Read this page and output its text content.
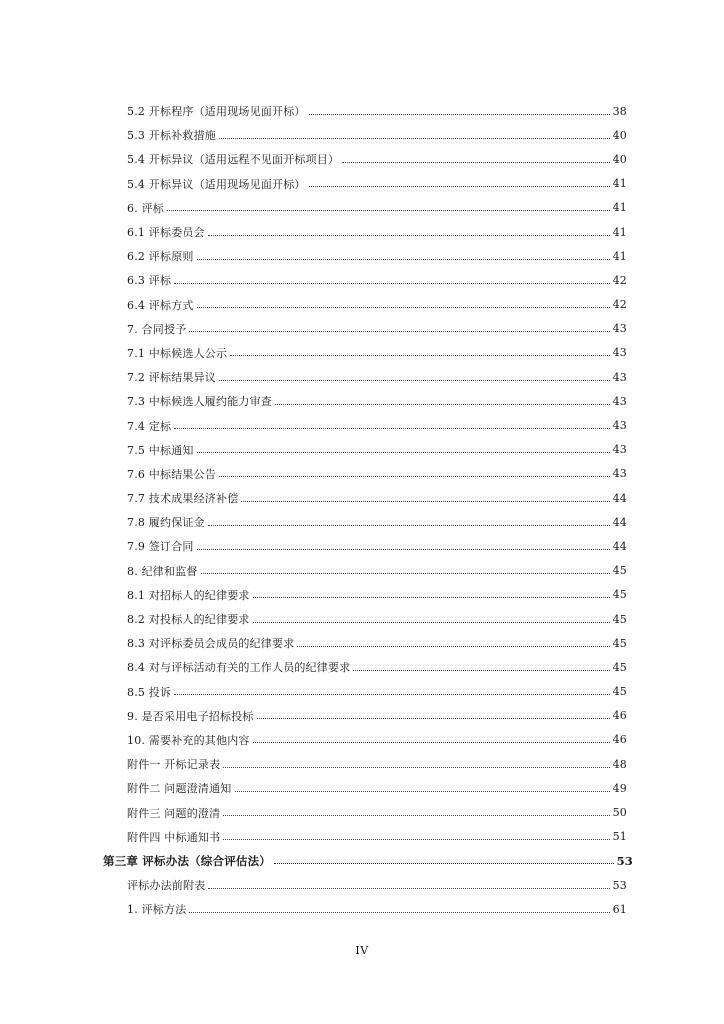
5.2 开标程序（适用现场见面开标）	38
5.3 开标补救措施	40
5.4 开标异议（适用远程不见面开标项目）	40
5.4 开标异议（适用现场见面开标）	41
6. 评标	41
6.1 评标委员会	41
6.2 评标原则	41
6.3 评标	42
6.4 评标方式	42
7. 合同授予	43
7.1 中标候选人公示	43
7.2 评标结果异议	43
7.3 中标候选人履约能力审查	43
7.4 定标	43
7.5 中标通知	43
7.6 中标结果公告	43
7.7 技术成果经济补偿	44
7.8 履约保证金	44
7.9 签订合同	44
8. 纪律和监督	45
8.1 对招标人的纪律要求	45
8.2 对投标人的纪律要求	45
8.3 对评标委员会成员的纪律要求	45
8.4 对与评标活动有关的工作人员的纪律要求	45
8.5 投诉	45
9. 是否采用电子招标投标	46
10. 需要补充的其他内容	46
附件一 开标记录表	48
附件二 问题澄清通知	49
附件三 问题的澄清	50
附件四 中标通知书	51
第三章 评标办法（综合评估法）	53
评标办法前附表	53
1. 评标方法	61
IV
